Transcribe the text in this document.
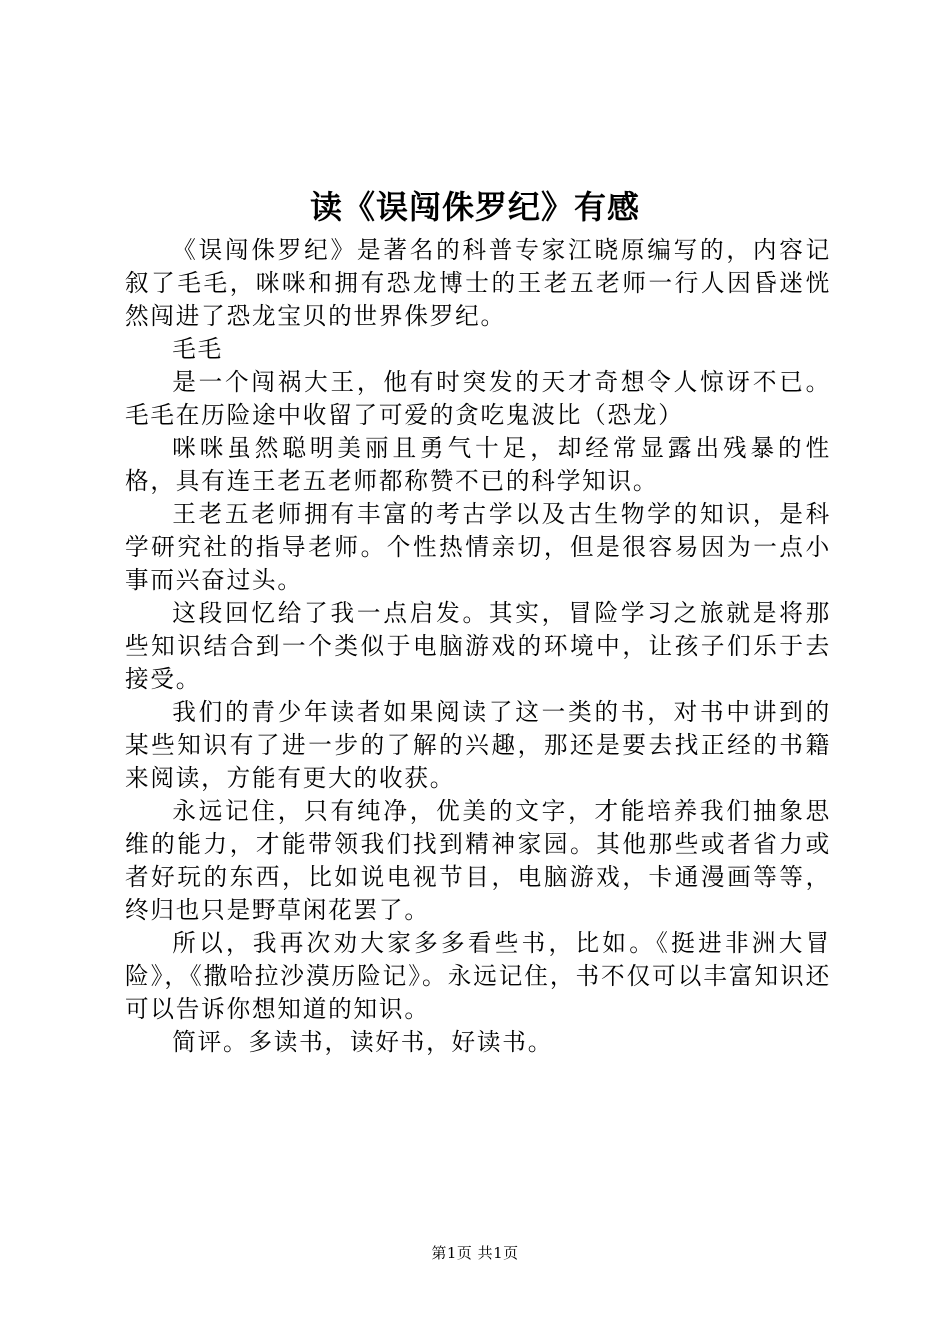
读《误闯侏罗纪》有感

《误闯侏罗纪》是著名的科普专家江晓原编写的，内容记叙了毛毛，咪咪和拥有恐龙博士的王老五老师一行人因昏迷恍然闯进了恐龙宝贝的世界侏罗纪。

毛毛

是一个闯祸大王，他有时突发的天才奇想令人惊讶不已。毛毛在历险途中收留了可爱的贪吃鬼波比（恐龙）

咪咪虽然聪明美丽且勇气十足，却经常显露出残暴的性格，具有连王老五老师都称赞不已的科学知识。

王老五老师拥有丰富的考古学以及古生物学的知识，是科学研究社的指导老师。个性热情亲切，但是很容易因为一点小事而兴奋过头。

这段回忆给了我一点启发。其实，冒险学习之旅就是将那些知识结合到一个类似于电脑游戏的环境中，让孩子们乐于去接受。

我们的青少年读者如果阅读了这一类的书，对书中讲到的某些知识有了进一步的了解的兴趣，那还是要去找正经的书籍来阅读，方能有更大的收获。

永远记住，只有纯净，优美的文字，才能培养我们抽象思维的能力，才能带领我们找到精神家园。其他那些或者省力或者好玩的东西，比如说电视节目，电脑游戏，卡通漫画等等，终归也只是野草闲花罢了。

所以，我再次劝大家多多看些书，比如。《挺进非洲大冒险》，《撒哈拉沙漠历险记》。永远记住，书不仅可以丰富知识还可以告诉你想知道的知识。

简评。多读书，读好书，好读书。

第1页 共1页
